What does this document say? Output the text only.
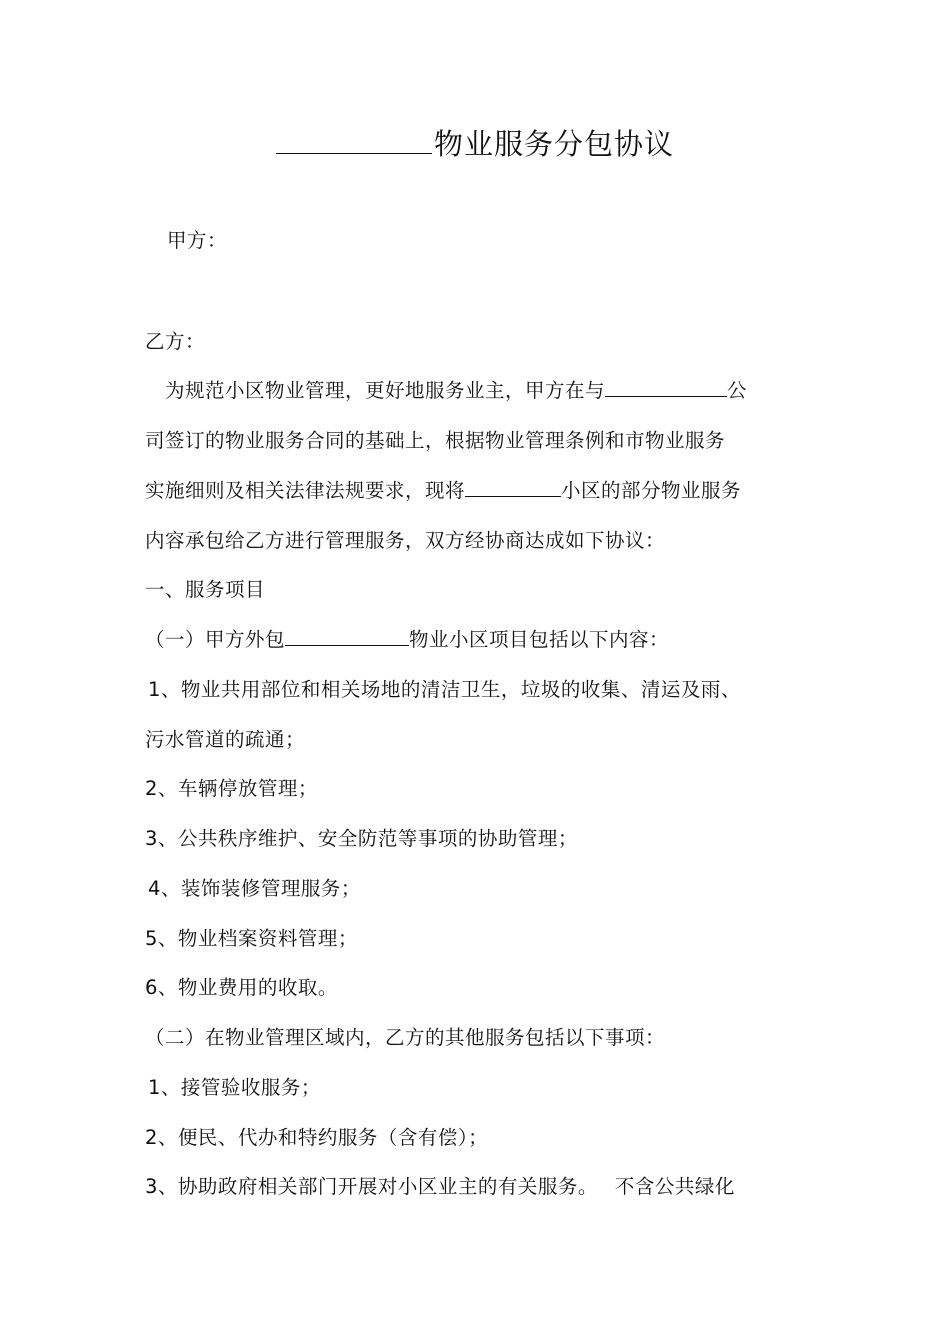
物业服务分包协议
甲方：
乙方：
为规范小区物业管理，更好地服务业主，甲方在与	公
司签订的物业服务合同的基础上，根据物业管理条例和市物业服务
实施细则及相关法律法规要求，现将	小区的部分物业服务
内容承包给乙方进行管理服务，双方经协商达成如下协议：
一、服务项目
（一）甲方外包	物业小区项目包括以下内容：
1、物业共用部位和相关场地的清洁卫生，垃圾的收集、清运及雨、
污水管道的疏通；
2、车辆停放管理；
3、公共秩序维护、安全防范等事项的协助管理；
4、装饰装修管理服务；
5、物业档案资料管理；
6、物业费用的收取。
（二）在物业管理区域内，乙方的其他服务包括以下事项：
1、接管验收服务；
2、便民、代办和特约服务（含有偿）；
3、协助政府相关部门开展对小区业主的有关服务。　 不含公共绿化
